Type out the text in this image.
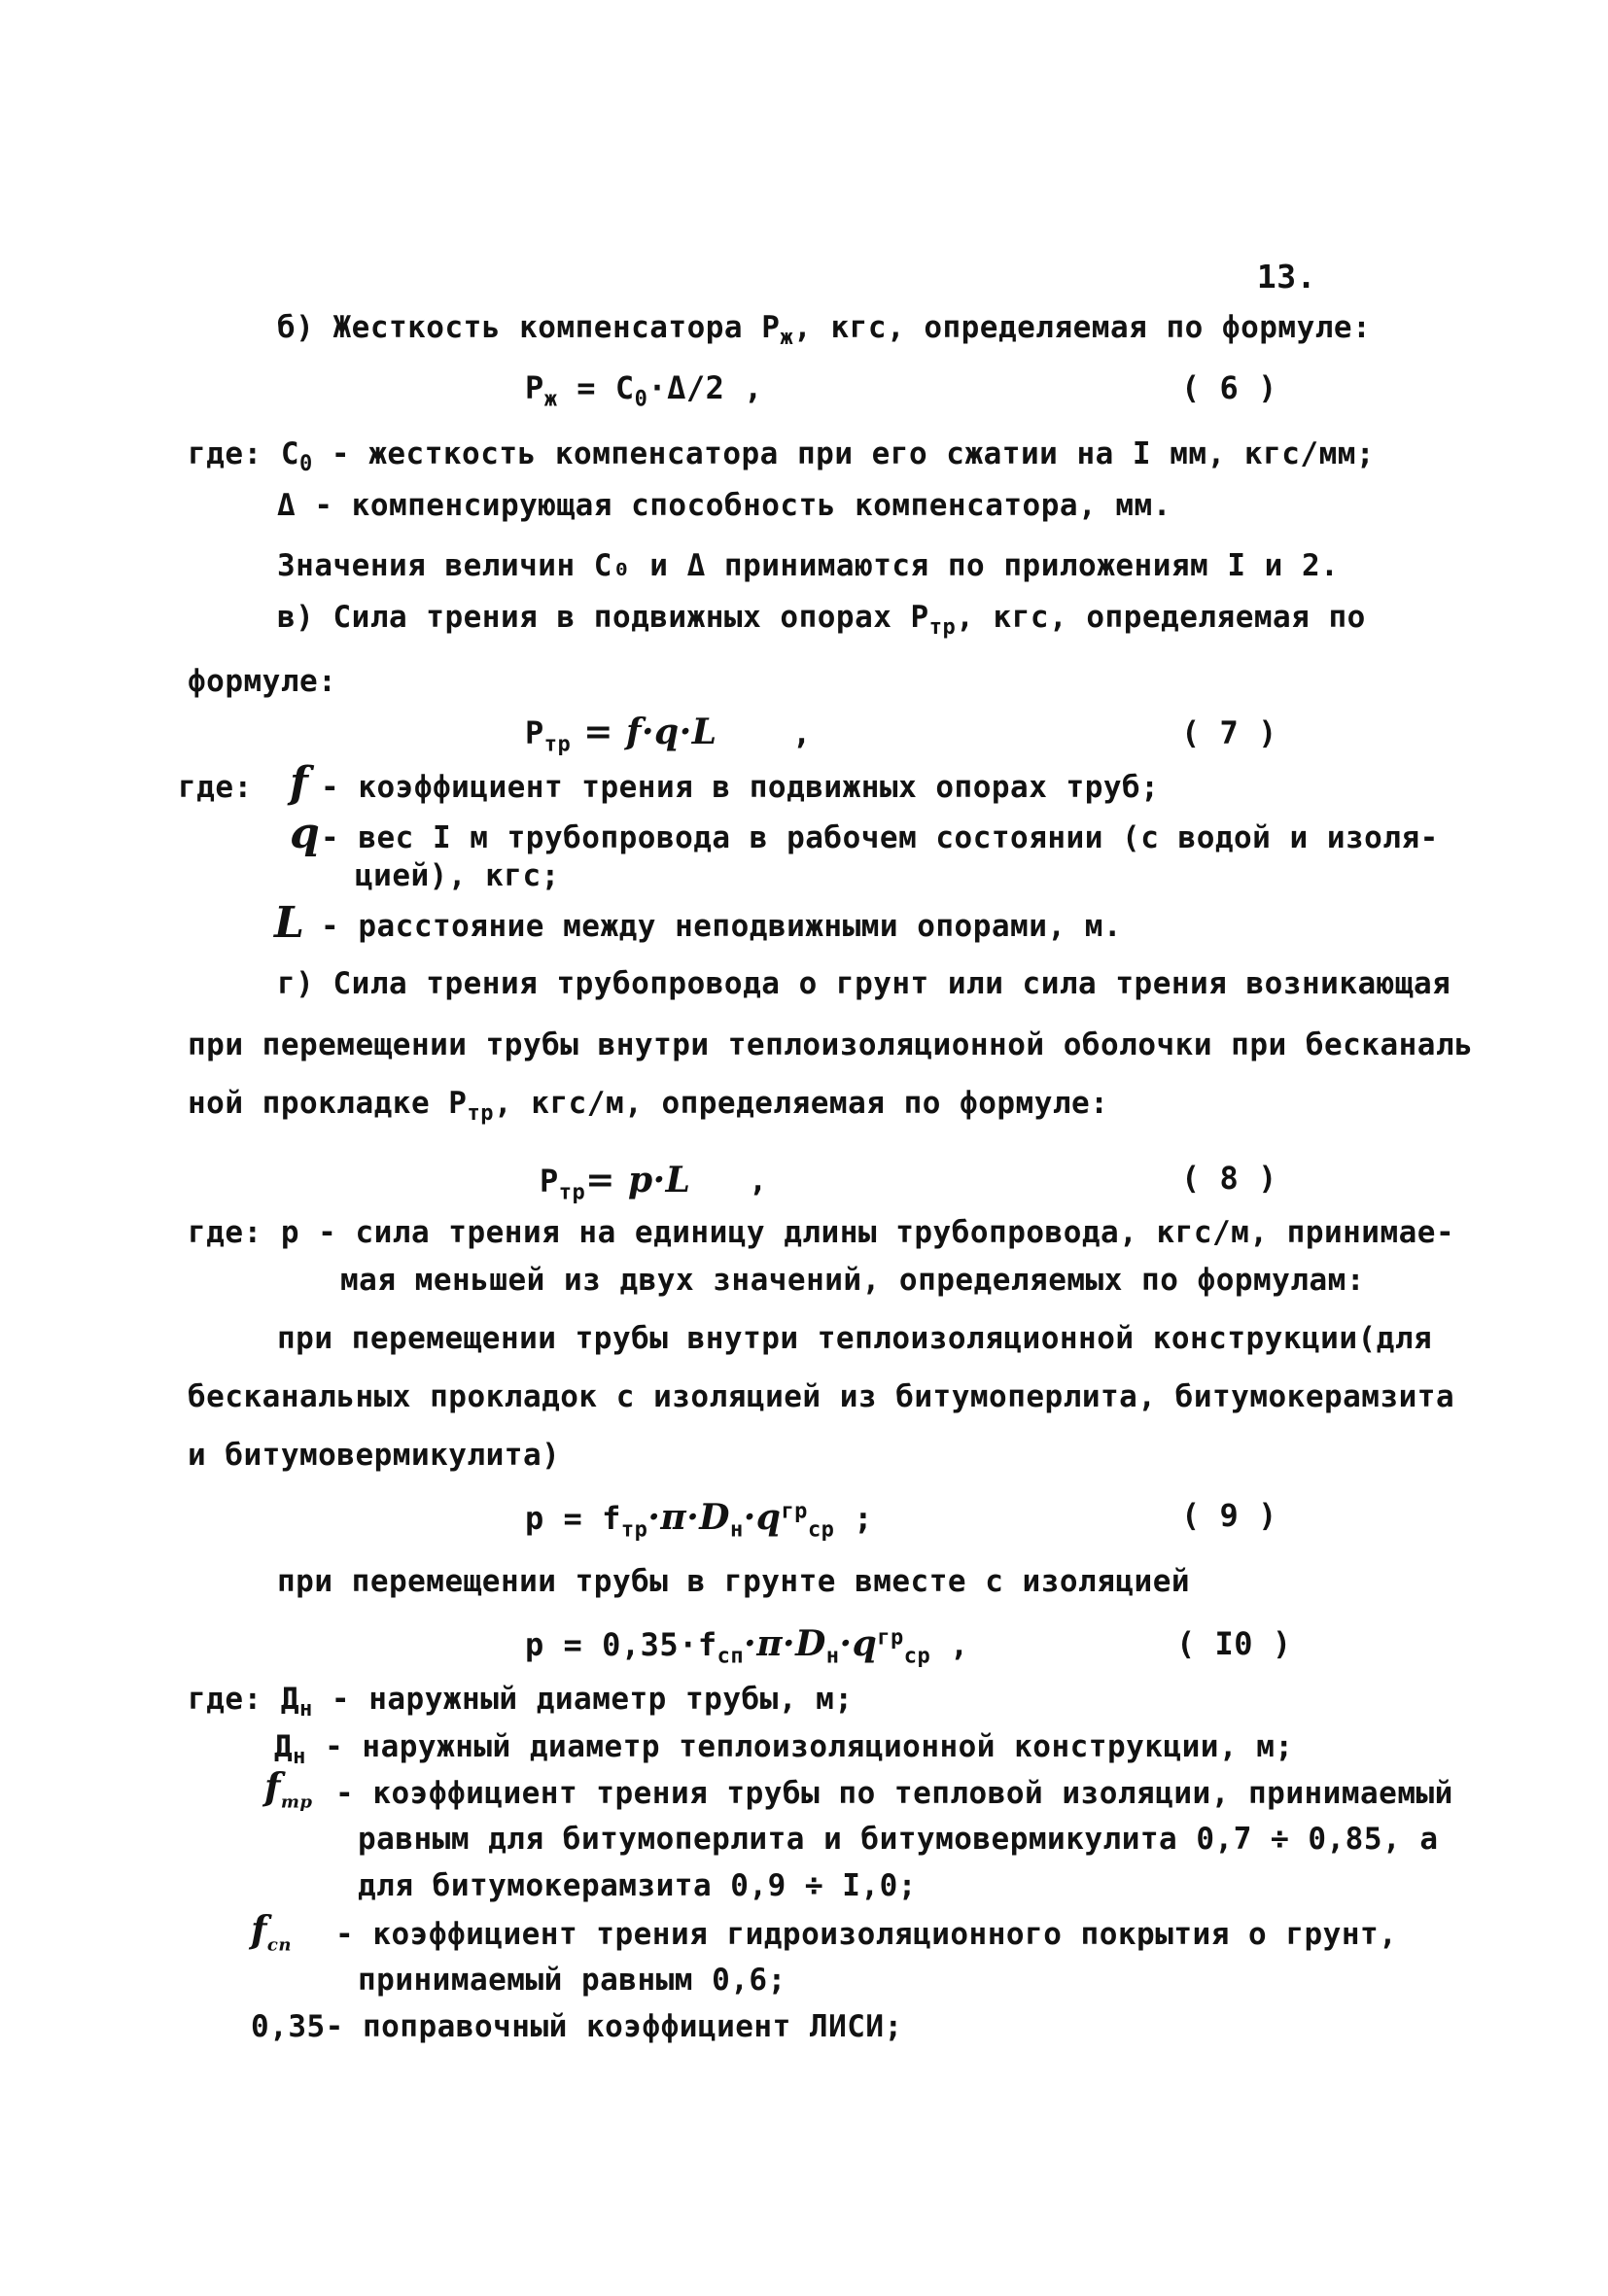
13.
б) Жесткость компенсатора $Р_ж$, кгс, определяемая по формуле:
$Р_ж = С_0\cdot\Delta/2$ ,	( 6 )
где: $С_0$ - жесткость компенсатора при его сжатии на I мм, кгс/мм;
Δ - компенсирующая способность компенсатора, мм.
Значения величин С₀ и Δ принимаются по приложениям I и 2.
в) Сила трения в подвижных опорах $Р_{тр}$, кгс, определяемая по
формуле:
$Р_{тр} = f\cdot q\cdot L$ ,	( 7 )
где: f - коэффициент трения в подвижных опорах труб;
q - вес I м трубопровода в рабочем состоянии (с водой и изоля-
цией), кгс;
L - расстояние между неподвижными опорами, м.
г) Сила трения трубопровода о грунт или сила трения возникающая
при перемещении трубы внутри теплоизоляционной оболочки при бесканаль
ной прокладке $Р_{тр}$, кгс/м, определяемая по формуле:
$Р_{тр}= р\cdot L$ ,	( 8 )
где: р - сила трения на единицу длины трубопровода, кгс/м, принимае-
мая меньшей из двух значений, определяемых по формулам:
при перемещении трубы внутри теплоизоляционной конструкции(для
бесканальных прокладок с изоляцией из битумоперлита, битумокерамзита
и битумовермикулита)
$р = f_{тр}\cdot\pi\cdot D_н\cdot q^{гр}_{ср}$ ;	( 9 )
при перемещении трубы в грунте вместе с изоляцией
$р = 0,35\cdot f_{сп}\cdot\pi\cdot D_н\cdot q^{гр}_{ср}$ ,	( I0 )
где: $Д_н$ - наружный диаметр трубы, м;
$Д_н$ - наружный диаметр теплоизоляционной конструкции, м;
$f_{тр}$ - коэффициент трения трубы по тепловой изоляции, принимаемый
равным для битумоперлита и битумовермикулита 0,7 ÷ 0,85, а
для битумокерамзита 0,9 ÷ I,0;
$f_{сп}$ - коэффициент трения гидроизоляционного покрытия о грунт,
принимаемый равным 0,6;
0,35- поправочный коэффициент ЛИСИ;
